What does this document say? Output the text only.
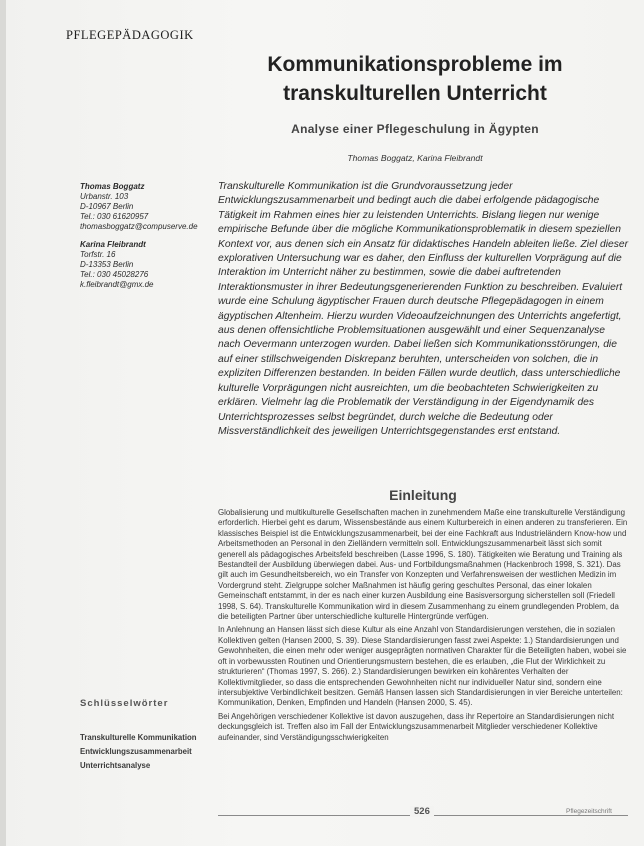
PFLEGEPÄDAGOGIK
Kommunikationsprobleme im
transkulturellen Unterricht
Analyse einer Pflegeschulung in Ägypten
Thomas Boggatz, Karina Fleibrandt
Thomas Boggatz
Urbanstr. 103
D-10967 Berlin
Tel.: 030 61620957
thomasboggatz@compuserve.de
Karina Fleibrandt
Torfstr. 16
D-13353 Berlin
Tel.: 030 45028276
k.fleibrandt@gmx.de
Transkulturelle Kommunikation ist die Grundvoraussetzung jeder Entwicklungszusammenarbeit und bedingt auch die dabei erfolgende pädagogische Tätigkeit im Rahmen eines hier zu leistenden Unterrichts. Bislang liegen nur wenige empirische Befunde über die mögliche Kommunikationsproblematik in diesem speziellen Kontext vor, aus denen sich ein Ansatz für didaktisches Handeln ableiten ließe. Ziel dieser explorativen Untersuchung war es daher, den Einfluss der kulturellen Vorprägung auf die Interaktion im Unterricht näher zu bestimmen, sowie die dabei auftretenden Interaktionsmuster in ihrer Bedeutungsgenerierenden Funktion zu beschreiben. Evaluiert wurde eine Schulung ägyptischer Frauen durch deutsche Pflegepädagogen in einem ägyptischen Altenheim. Hierzu wurden Videoaufzeichnungen des Unterrichts angefertigt, aus denen offensichtliche Problemsituationen ausgewählt und einer Sequenzanalyse nach Oevermann unterzogen wurden. Dabei ließen sich Kommunikationsstörungen, die auf einer stillschweigenden Diskrepanz beruhten, unterscheiden von solchen, die in expliziten Differenzen bestanden. In beiden Fällen wurde deutlich, dass unterschiedliche kulturelle Vorprägungen nicht ausreichten, um die beobachteten Schwierigkeiten zu erklären. Vielmehr lag die Problematik der Verständigung in der Eigendynamik des Unterrichtsprozesses selbst begründet, durch welche die Bedeutung oder Missverständlichkeit des jeweiligen Unterrichtsgegenstandes erst entstand.
Einleitung

Globalisierung und multikulturelle Gesellschaften machen in zunehmendem Maße eine transkulturelle Verständigung erforderlich. Hierbei geht es darum, Wissensbestände aus einem Kulturbereich in einen anderen zu transferieren. Ein klassisches Beispiel ist die Entwicklungszusammenarbeit, bei der eine Fachkraft aus Industrieländern Know-how und Arbeitsmethoden an Personal in den Zielländern vermitteln soll. Entwicklungszusammenarbeit lässt sich somit generell als pädagogisches Arbeitsfeld beschreiben (Lasse 1996, S. 180). Tätigkeiten wie Beratung und Training als Bestandteil der Ausbildung überwiegen dabei. Aus- und Fortbildungsmaßnahmen (Hackenbroch 1998, S. 321). Das gilt auch im Gesundheitsbereich, wo ein Transfer von Konzepten und Verfahrensweisen der westlichen Medizin im Vordergrund steht. Zielgruppe solcher Maßnahmen ist häufig gering geschultes Personal, das einer lokalen Gemeinschaft entstammt, in der es nach einer kurzen Ausbildung eine Basisversorgung sicherstellen soll (Friedell 1998, S. 64). Transkulturelle Kommunikation wird in diesem Zusammenhang zu einem grundlegenden Problem, da die beteiligten Partner über unterschiedliche kulturelle Hintergründe verfügen.

In Anlehnung an Hansen lässt sich diese Kultur als eine Anzahl von Standardisierungen verstehen, die in sozialen Kollektiven gelten (Hansen 2000, S. 39). Diese Standardisierungen fasst zwei Aspekte: 1.) Standardisierungen und Gewohnheiten, die einen mehr oder weniger ausgeprägten normativen Charakter für die Beteiligten haben, wobei sie oft in vorbewussten Routinen und Orientierungsmustern bestehen, die es erlauben, „die Flut der Wirklichkeit zu strukturieren“ (Thomas 1997, S. 266). 2.) Standardisierungen bewirken ein kohärentes Verhalten der Kollektivmitglieder, so dass die entsprechenden Gewohnheiten nicht nur individueller Natur sind, sondern eine intersubjektive Verbindlichkeit besitzen. Gemäß Hansen lassen sich Standardisierungen in vier Bereiche unterteilen: Kommunikation, Denken, Empfinden und Handeln (Hansen 2000, S. 45).

Bei Angehörigen verschiedener Kollektive ist davon auszugehen, dass ihr Repertoire an Standardisierungen nicht deckungsgleich ist. Treffen also im Fall der Entwicklungszusammenarbeit Mitglieder verschiedener Kollektive aufeinander, sind Verständigungsschwierigkeiten

Schlüsselwörter
Transkulturelle Kommunikation
Entwicklungszusammenarbeit
Unterrichtsanalyse
526	Pflegezeitschrift
